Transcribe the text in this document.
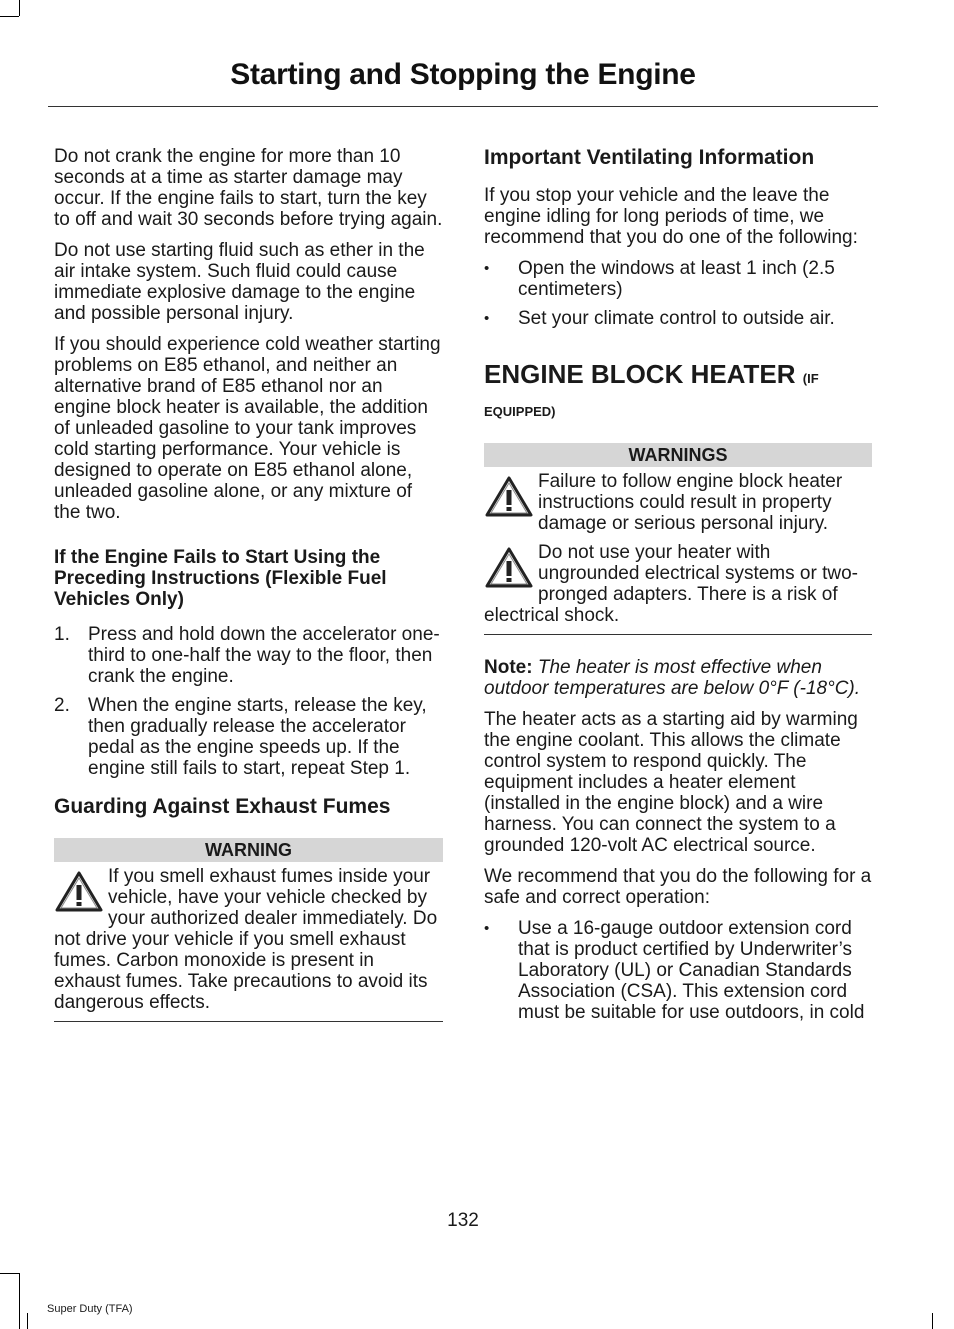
Starting and Stopping the Engine

Do not crank the engine for more than 10 seconds at a time as starter damage may occur. If the engine fails to start, turn the key to off and wait 30 seconds before trying again.

Do not use starting fluid such as ether in the air intake system. Such fluid could cause immediate explosive damage to the engine and possible personal injury.

If you should experience cold weather starting problems on E85 ethanol, and neither an alternative brand of E85 ethanol nor an engine block heater is available, the addition of unleaded gasoline to your tank improves cold starting performance. Your vehicle is designed to operate on E85 ethanol alone, unleaded gasoline alone, or any mixture of the two.

If the Engine Fails to Start Using the Preceding Instructions (Flexible Fuel Vehicles Only)
1. Press and hold down the accelerator one-third to one-half the way to the floor, then crank the engine.
2. When the engine starts, release the key, then gradually release the accelerator pedal as the engine speeds up. If the engine still fails to start, repeat Step 1.
Guarding Against Exhaust Fumes
WARNING
If you smell exhaust fumes inside your vehicle, have your vehicle checked by your authorized dealer immediately. Do not drive your vehicle if you smell exhaust fumes. Carbon monoxide is present in exhaust fumes. Take precautions to avoid its dangerous effects.
Important Ventilating Information

If you stop your vehicle and the leave the engine idling for long periods of time, we recommend that you do one of the following:

• Open the windows at least 1 inch (2.5 centimeters)
• Set your climate control to outside air.
ENGINE BLOCK HEATER (IF
EQUIPPED)
WARNINGS
Failure to follow engine block heater instructions could result in property damage or serious personal injury.
Do not use your heater with ungrounded electrical systems or two-pronged adapters. There is a risk of electrical shock.

Note: The heater is most effective when outdoor temperatures are below 0°F (-18°C).

The heater acts as a starting aid by warming the engine coolant. This allows the climate control system to respond quickly. The equipment includes a heater element (installed in the engine block) and a wire harness. You can connect the system to a grounded 120-volt AC electrical source.

We recommend that you do the following for a safe and correct operation:

• Use a 16-gauge outdoor extension cord that is product certified by Underwriter’s Laboratory (UL) or Canadian Standards Association (CSA). This extension cord must be suitable for use outdoors, in cold
132
Super Duty (TFA)
